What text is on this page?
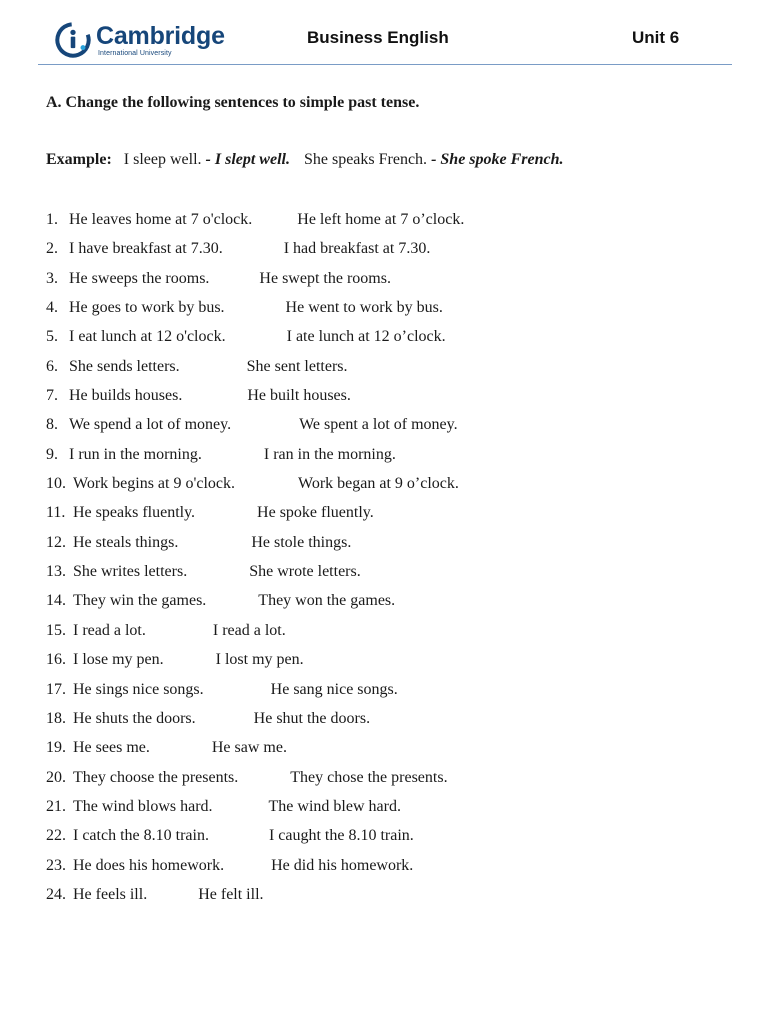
Cambridge
International University
Business English	Unit 6
A. Change the following sentences to simple past tense.
Example: I sleep well. - I slept well. She speaks French. - She spoke French.
1. He leaves home at 7 o'clock.	He left home at 7 o’clock.
2. I have breakfast at 7.30.	I had breakfast at 7.30.
3. He sweeps the rooms.	He swept the rooms.
4. He goes to work by bus.	He went to work by bus.
5. I eat lunch at 12 o'clock.	I ate lunch at 12 o’clock.
6. She sends letters.	She sent letters.
7. He builds houses.	He built houses.
8. We spend a lot of money.	We spent a lot of money.
9. I run in the morning.	I ran in the morning.
10. Work begins at 9 o'clock.	Work began at 9 o’clock.
11. He speaks fluently.	He spoke fluently.
12. He steals things.	He stole things.
13. She writes letters.	She wrote letters.
14. They win the games.	They won the games.
15. I read a lot.	I read a lot.
16. I lose my pen.	I lost my pen.
17. He sings nice songs.	He sang nice songs.
18. He shuts the doors.	He shut the doors.
19. He sees me.	He saw me.
20. They choose the presents.	They chose the presents.
21. The wind blows hard.	The wind blew hard.
22. I catch the 8.10 train.	I caught the 8.10 train.
23. He does his homework.	He did his homework.
24. He feels ill.	He felt ill.
